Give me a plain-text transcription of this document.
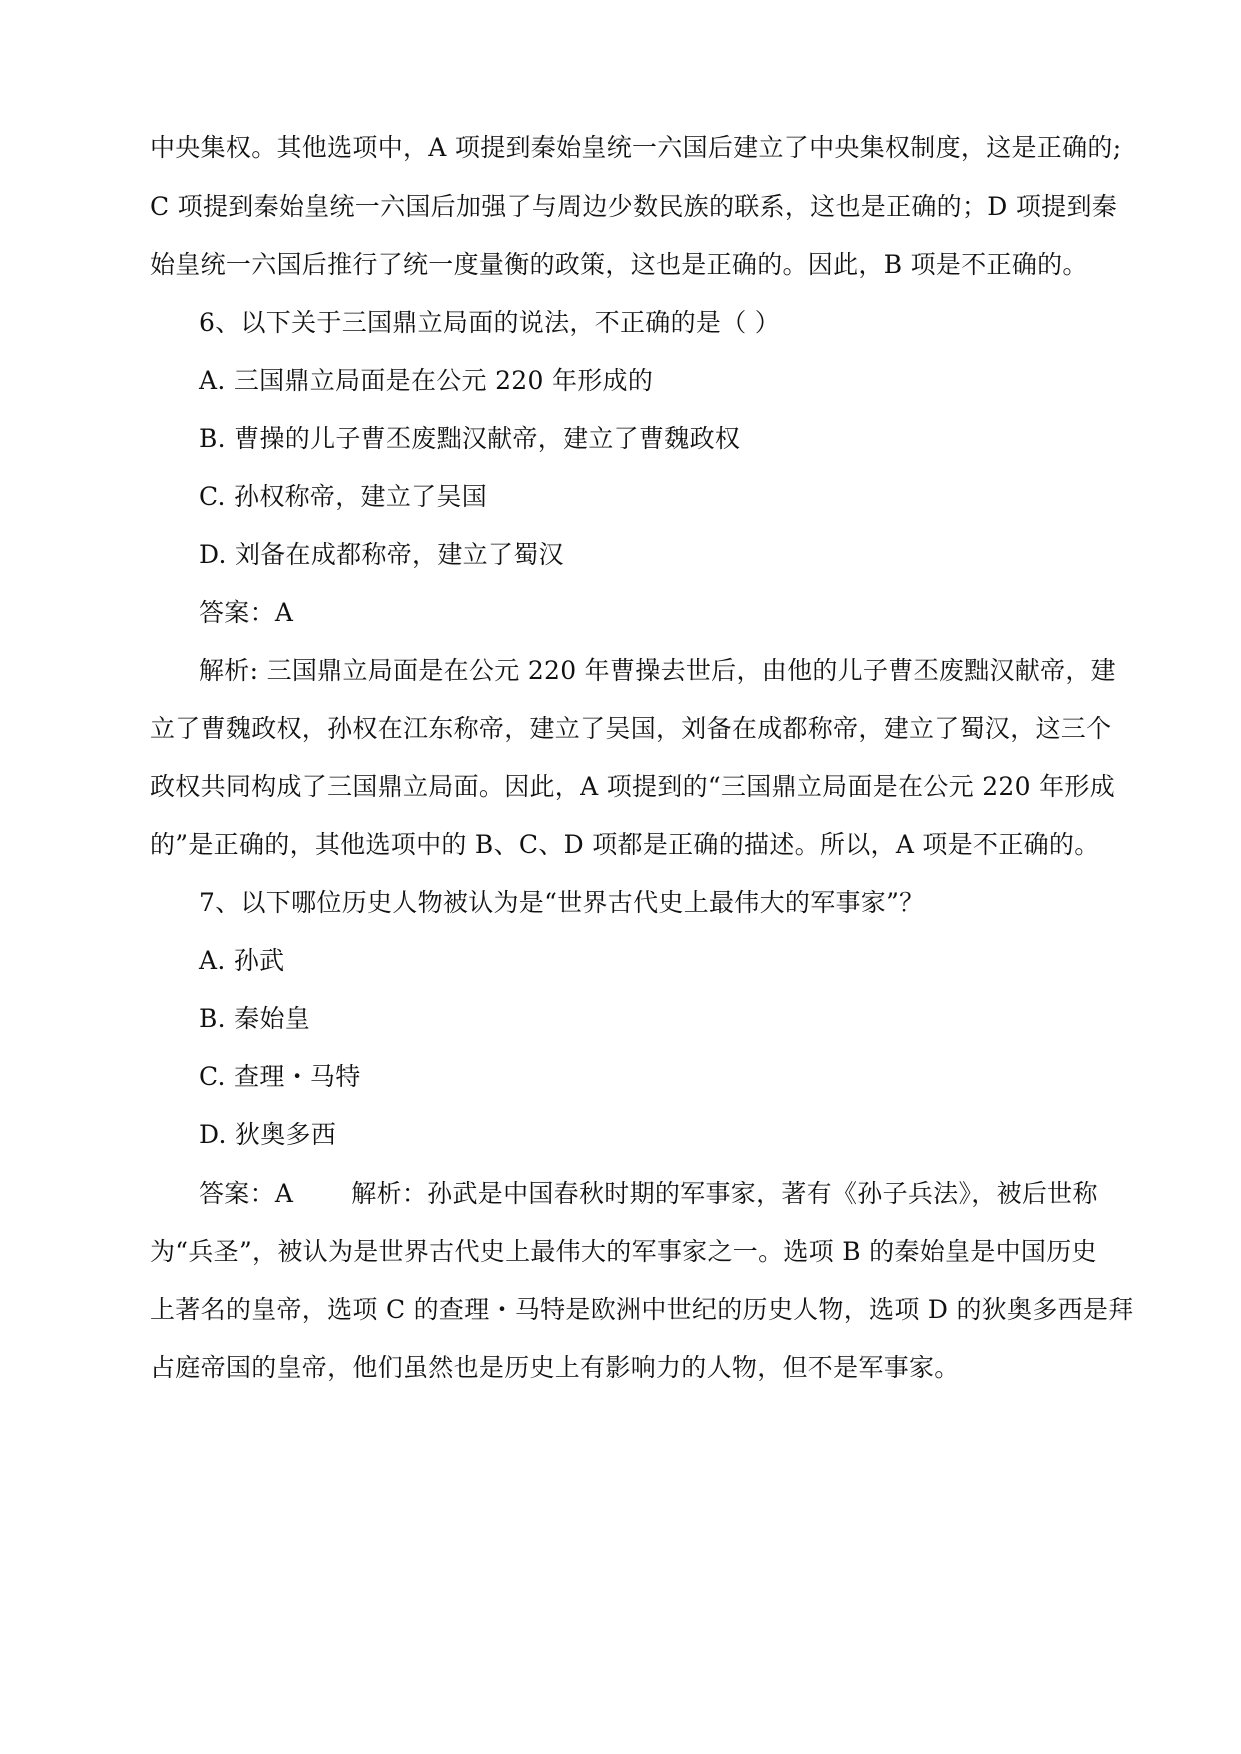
中央集权。其他选项中，A 项提到秦始皇统一六国后建立了中央集权制度，这是正确的;
C 项提到秦始皇统一六国后加强了与周边少数民族的联系，这也是正确的；D 项提到秦
始皇统一六国后推行了统一度量衡的政策，这也是正确的。因此，B 项是不正确的。
6、以下关于三国鼎立局面的说法，不正确的是（ ）
A. 三国鼎立局面是在公元 220 年形成的
B. 曹操的儿子曹丕废黜汉献帝，建立了曹魏政权
C. 孙权称帝，建立了吴国
D. 刘备在成都称帝，建立了蜀汉
答案：A
解析: 三国鼎立局面是在公元 220 年曹操去世后，由他的儿子曹丕废黜汉献帝，建
立了曹魏政权，孙权在江东称帝，建立了吴国，刘备在成都称帝，建立了蜀汉，这三个
政权共同构成了三国鼎立局面。因此，A 项提到的“三国鼎立局面是在公元 220 年形成
的”是正确的，其他选项中的 B、C、D 项都是正确的描述。所以，A 项是不正确的。
7、以下哪位历史人物被认为是“世界古代史上最伟大的军事家”？
A. 孙武
B. 秦始皇
C. 查理・马特
D. 狄奥多西
答案：A 解析：孙武是中国春秋时期的军事家，著有《孙子兵法》，被后世称
为“兵圣”，被认为是世界古代史上最伟大的军事家之一。选项 B 的秦始皇是中国历史
上著名的皇帝，选项 C 的查理・马特是欧洲中世纪的历史人物，选项 D 的狄奥多西是拜
占庭帝国的皇帝，他们虽然也是历史上有影响力的人物，但不是军事家。
